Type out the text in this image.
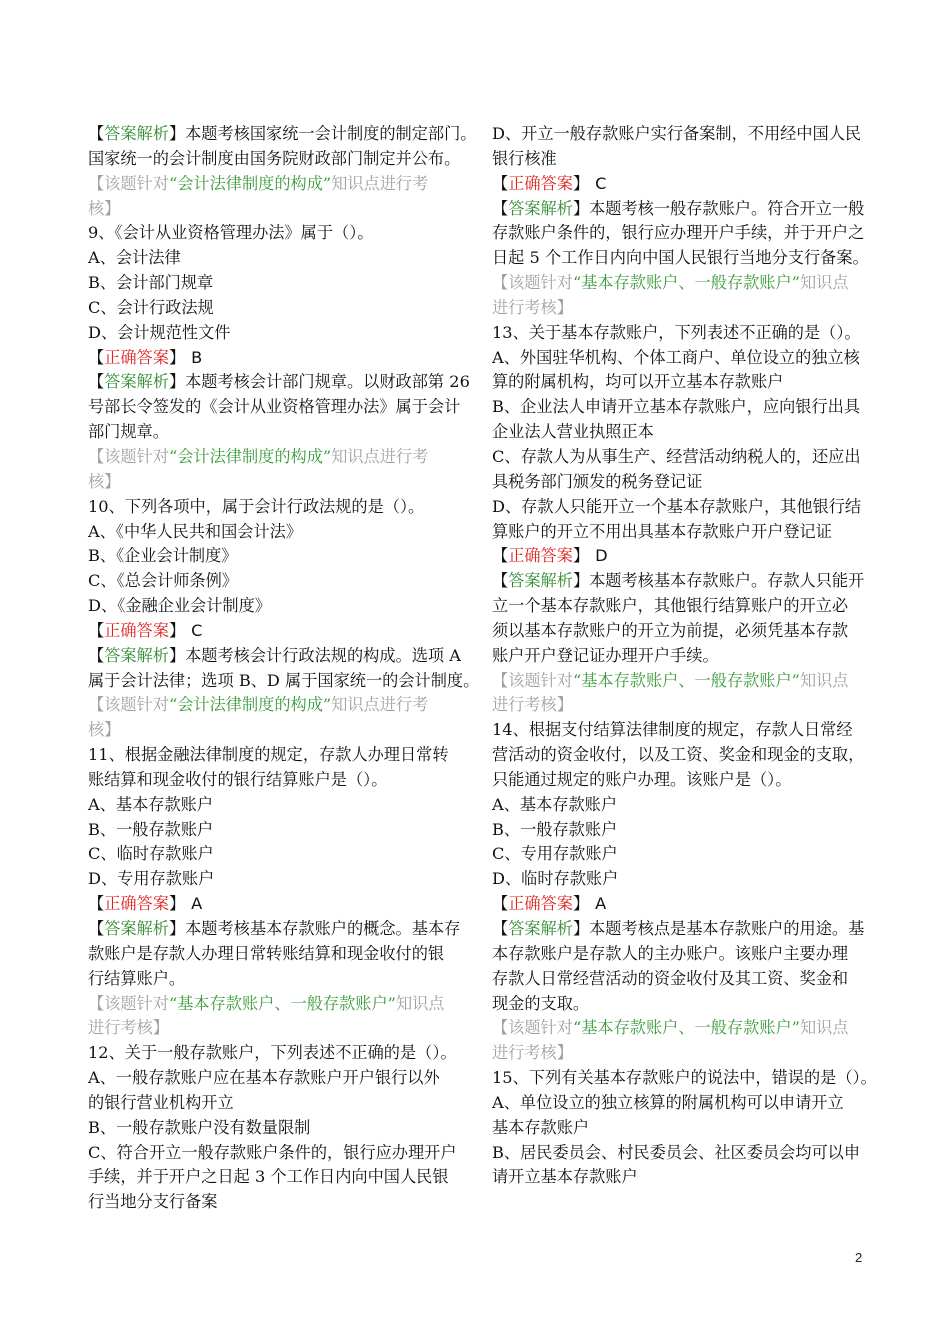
【答案解析】本题考核国家统一会计制度的制定部门。
国家统一的会计制度由国务院财政部门制定并公布。
【该题针对“会计法律制度的构成”知识点进行考
核】
9、《会计从业资格管理办法》属于（）。
A、会计法律
B、会计部门规章
C、会计行政法规
D、会计规范性文件
【正确答案】 B
【答案解析】本题考核会计部门规章。以财政部第 26
号部长令签发的《会计从业资格管理办法》属于会计
部门规章。
【该题针对“会计法律制度的构成”知识点进行考
核】
10、下列各项中，属于会计行政法规的是（）。
A、《中华人民共和国会计法》
B、《企业会计制度》
C、《总会计师条例》
D、《金融企业会计制度》
【正确答案】 C
【答案解析】本题考核会计行政法规的构成。选项 A
属于会计法律；选项 B、D 属于国家统一的会计制度。
【该题针对“会计法律制度的构成”知识点进行考
核】
11、根据金融法律制度的规定，存款人办理日常转
账结算和现金收付的银行结算账户是（）。
A、基本存款账户
B、一般存款账户
C、临时存款账户
D、专用存款账户
【正确答案】 A
【答案解析】本题考核基本存款账户的概念。基本存
款账户是存款人办理日常转账结算和现金收付的银
行结算账户。
【该题针对“基本存款账户、一般存款账户”知识点
进行考核】
12、关于一般存款账户，下列表述不正确的是（）。
A、一般存款账户应在基本存款账户开户银行以外
的银行营业机构开立
B、一般存款账户没有数量限制
C、符合开立一般存款账户条件的，银行应办理开户
手续，并于开户之日起 3 个工作日内向中国人民银
行当地分支行备案
D、开立一般存款账户实行备案制，不用经中国人民
银行核准
【正确答案】 C
【答案解析】本题考核一般存款账户。符合开立一般
存款账户条件的，银行应办理开户手续，并于开户之
日起 5 个工作日内向中国人民银行当地分支行备案。
【该题针对“基本存款账户、一般存款账户”知识点
进行考核】
13、关于基本存款账户，下列表述不正确的是（）。
A、外国驻华机构、个体工商户、单位设立的独立核
算的附属机构，均可以开立基本存款账户
B、企业法人申请开立基本存款账户，应向银行出具
企业法人营业执照正本
C、存款人为从事生产、经营活动纳税人的，还应出
具税务部门颁发的税务登记证
D、存款人只能开立一个基本存款账户，其他银行结
算账户的开立不用出具基本存款账户开户登记证
【正确答案】 D
【答案解析】本题考核基本存款账户。存款人只能开
立一个基本存款账户，其他银行结算账户的开立必
须以基本存款账户的开立为前提，必须凭基本存款
账户开户登记证办理开户手续。
【该题针对“基本存款账户、一般存款账户”知识点
进行考核】
14、根据支付结算法律制度的规定，存款人日常经
营活动的资金收付，以及工资、奖金和现金的支取，
只能通过规定的账户办理。该账户是（）。
A、基本存款账户
B、一般存款账户
C、专用存款账户
D、临时存款账户
【正确答案】 A
【答案解析】本题考核点是基本存款账户的用途。基
本存款账户是存款人的主办账户。该账户主要办理
存款人日常经营活动的资金收付及其工资、奖金和
现金的支取。
【该题针对“基本存款账户、一般存款账户”知识点
进行考核】
15、下列有关基本存款账户的说法中，错误的是（）。
A、单位设立的独立核算的附属机构可以申请开立
基本存款账户
B、居民委员会、村民委员会、社区委员会均可以申
请开立基本存款账户
2
